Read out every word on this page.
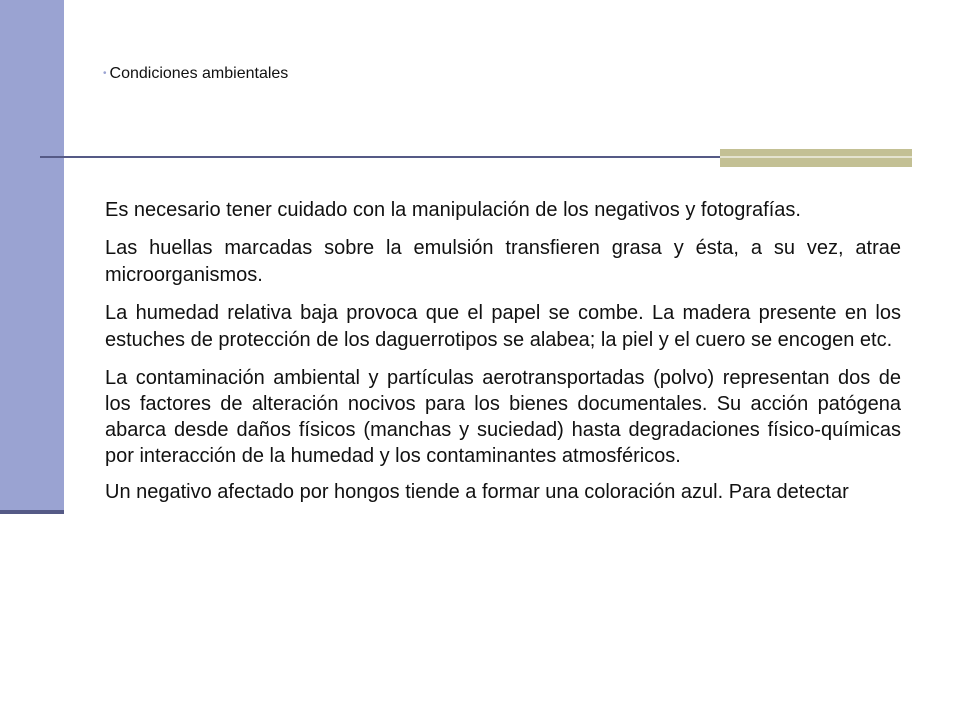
• Condiciones ambientales

Es necesario tener cuidado con la manipulación de los negativos y fotografías.

Las huellas marcadas sobre la emulsión transfieren grasa y ésta, a su vez, atrae microorganismos.

La humedad relativa baja provoca que el papel se combe. La madera presente en los estuches de protección de los daguerrotipos se alabea; la piel y el cuero se encogen etc.

La contaminación ambiental y partículas aerotransportadas (polvo) representan dos de los factores de alteración nocivos para los bienes documentales. Su acción patógena abarca desde daños físicos (manchas y suciedad) hasta degradaciones físico-químicas por interacción de la humedad y los contaminantes atmosféricos.

Un negativo afectado por hongos tiende a formar una coloración azul. Para detectar
